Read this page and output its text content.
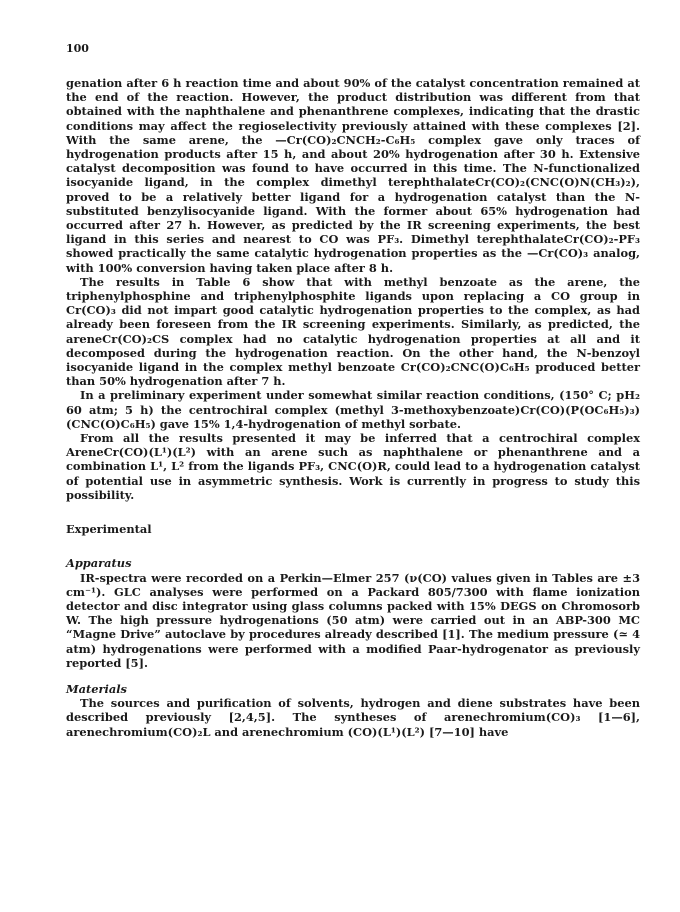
100

genation after 6 h reaction time and about 90% of the catalyst concentration remained at the end of the reaction. However, the product distribution was different from that obtained with the naphthalene and phenanthrene complexes, indicating that the drastic conditions may affect the regioselectivity previously attained with these complexes [2]. With the same arene, the —Cr(CO)₂CNCH₂-C₆H₅ complex gave only traces of hydrogenation products after 15 h, and about 20% hydrogenation after 30 h. Extensive catalyst decomposition was found to have occurred in this time. The N-functionalized isocyanide ligand, in the complex dimethyl terephthalateCr(CO)₂(CNC(O)N(CH₃)₂), proved to be a relatively better ligand for a hydrogenation catalyst than the N-substituted benzylisocyanide ligand. With the former about 65% hydrogenation had occurred after 27 h. However, as predicted by the IR screening experiments, the best ligand in this series and nearest to CO was PF₃. Dimethyl terephthalateCr(CO)₂-PF₃ showed practically the same catalytic hydrogenation properties as the —Cr(CO)₃ analog, with 100% conversion having taken place after 8 h.

The results in Table 6 show that with methyl benzoate as the arene, the triphenylphosphine and triphenylphosphite ligands upon replacing a CO group in Cr(CO)₃ did not impart good catalytic hydrogenation properties to the complex, as had already been foreseen from the IR screening experiments. Similarly, as predicted, the areneCr(CO)₂CS complex had no catalytic hydrogenation properties at all and it decomposed during the hydrogenation reaction. On the other hand, the N-benzoyl isocyanide ligand in the complex methyl benzoate Cr(CO)₂CNC(O)C₆H₅ produced better than 50% hydrogenation after 7 h.

In a preliminary experiment under somewhat similar reaction conditions, (150° C; pH₂ 60 atm; 5 h) the centrochiral complex (methyl 3-methoxybenzoate)Cr(CO)(P(OC₆H₅)₃) (CNC(O)C₆H₅) gave 15% 1,4-hydrogenation of methyl sorbate.

From all the results presented it may be inferred that a centrochiral complex AreneCr(CO)(L¹)(L²) with an arene such as naphthalene or phenanthrene and a combination L¹, L² from the ligands PF₃, CNC(O)R, could lead to a hydrogenation catalyst of potential use in asymmetric synthesis. Work is currently in progress to study this possibility.

Experimental

Apparatus

IR-spectra were recorded on a Perkin—Elmer 257 (ν(CO) values given in Tables are ±3 cm⁻¹). GLC analyses were performed on a Packard 805/7300 with flame ionization detector and disc integrator using glass columns packed with 15% DEGS on Chromosorb W. The high pressure hydrogenations (50 atm) were carried out in an ABP-300 MC “Magne Drive” autoclave by procedures already described [1]. The medium pressure (≃ 4 atm) hydrogenations were performed with a modified Paar-hydrogenator as previously reported [5].

Materials

The sources and purification of solvents, hydrogen and diene substrates have been described previously [2,4,5]. The syntheses of arenechromium(CO)₃ [1—6], arenechromium(CO)₂L and arenechromium (CO)(L¹)(L²) [7—10] have
